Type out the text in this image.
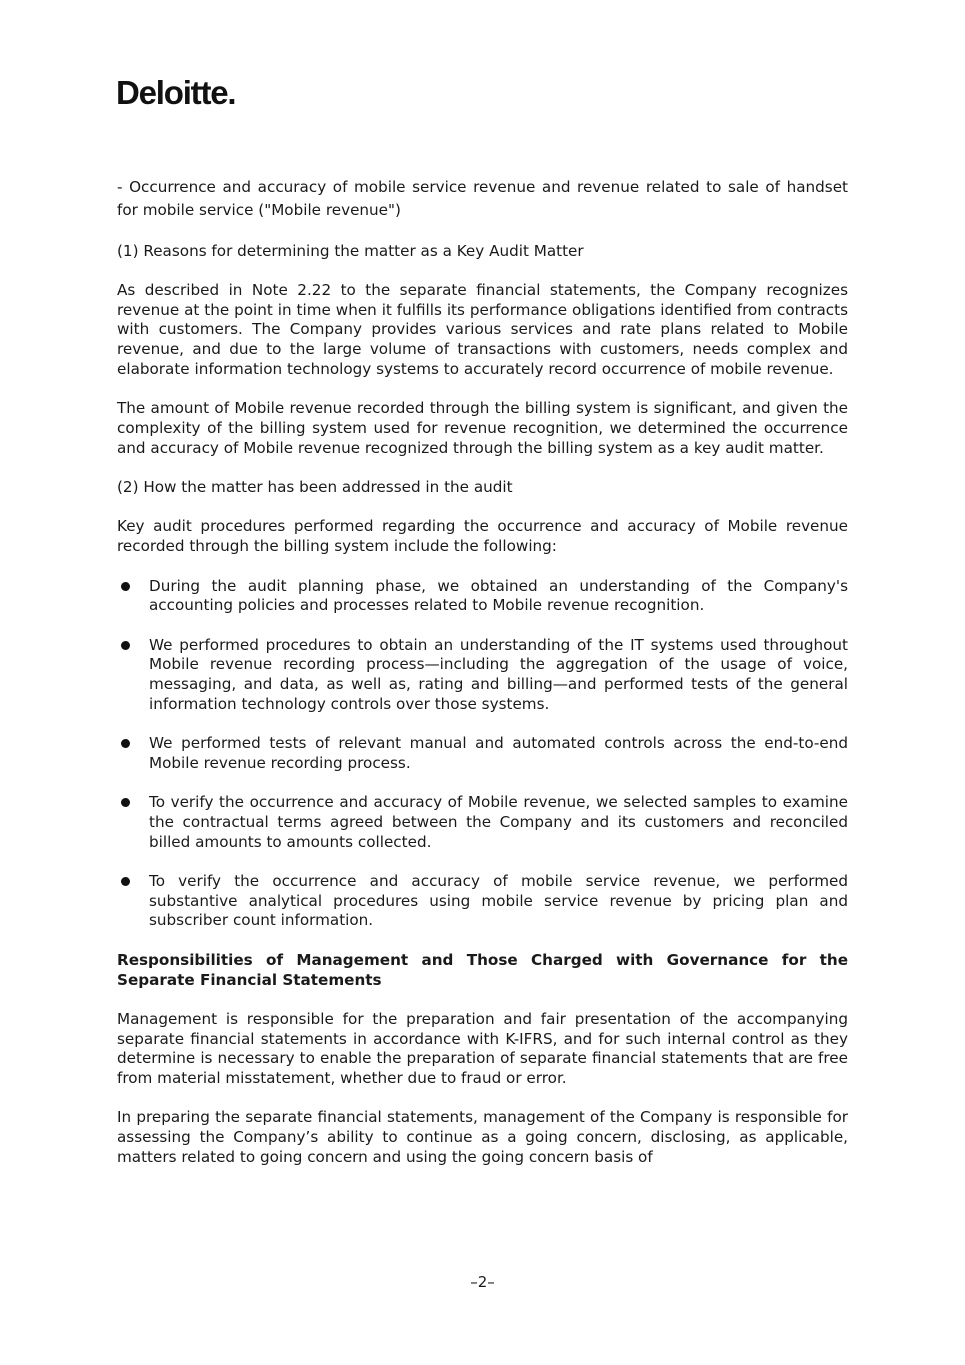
Deloitte.

- Occurrence and accuracy of mobile service revenue and revenue related to sale of handset for mobile service ("Mobile revenue")

(1) Reasons for determining the matter as a Key Audit Matter

As described in Note 2.22 to the separate financial statements, the Company recognizes revenue at the point in time when it fulfills its performance obligations identified from contracts with customers. The Company provides various services and rate plans related to Mobile revenue, and due to the large volume of transactions with customers, needs complex and elaborate information technology systems to accurately record occurrence of mobile revenue.

The amount of Mobile revenue recorded through the billing system is significant, and given the complexity of the billing system used for revenue recognition, we determined the occurrence and accuracy of Mobile revenue recognized through the billing system as a key audit matter.

(2) How the matter has been addressed in the audit

Key audit procedures performed regarding the occurrence and accuracy of Mobile revenue recorded through the billing system include the following:

During the audit planning phase, we obtained an understanding of the Company's accounting policies and processes related to Mobile revenue recognition.
We performed procedures to obtain an understanding of the IT systems used throughout Mobile revenue recording process—including the aggregation of the usage of voice, messaging, and data, as well as, rating and billing—and performed tests of the general information technology controls over those systems.
We performed tests of relevant manual and automated controls across the end-to-end Mobile revenue recording process.
To verify the occurrence and accuracy of Mobile revenue, we selected samples to examine the contractual terms agreed between the Company and its customers and reconciled billed amounts to amounts collected.
To verify the occurrence and accuracy of mobile service revenue, we performed substantive analytical procedures using mobile service revenue by pricing plan and subscriber count information.

Responsibilities of Management and Those Charged with Governance for the Separate Financial Statements

Management is responsible for the preparation and fair presentation of the accompanying separate financial statements in accordance with K-IFRS, and for such internal control as they determine is necessary to enable the preparation of separate financial statements that are free from material misstatement, whether due to fraud or error.

In preparing the separate financial statements, management of the Company is responsible for assessing the Company’s ability to continue as a going concern, disclosing, as applicable, matters related to going concern and using the going concern basis of

–2–
